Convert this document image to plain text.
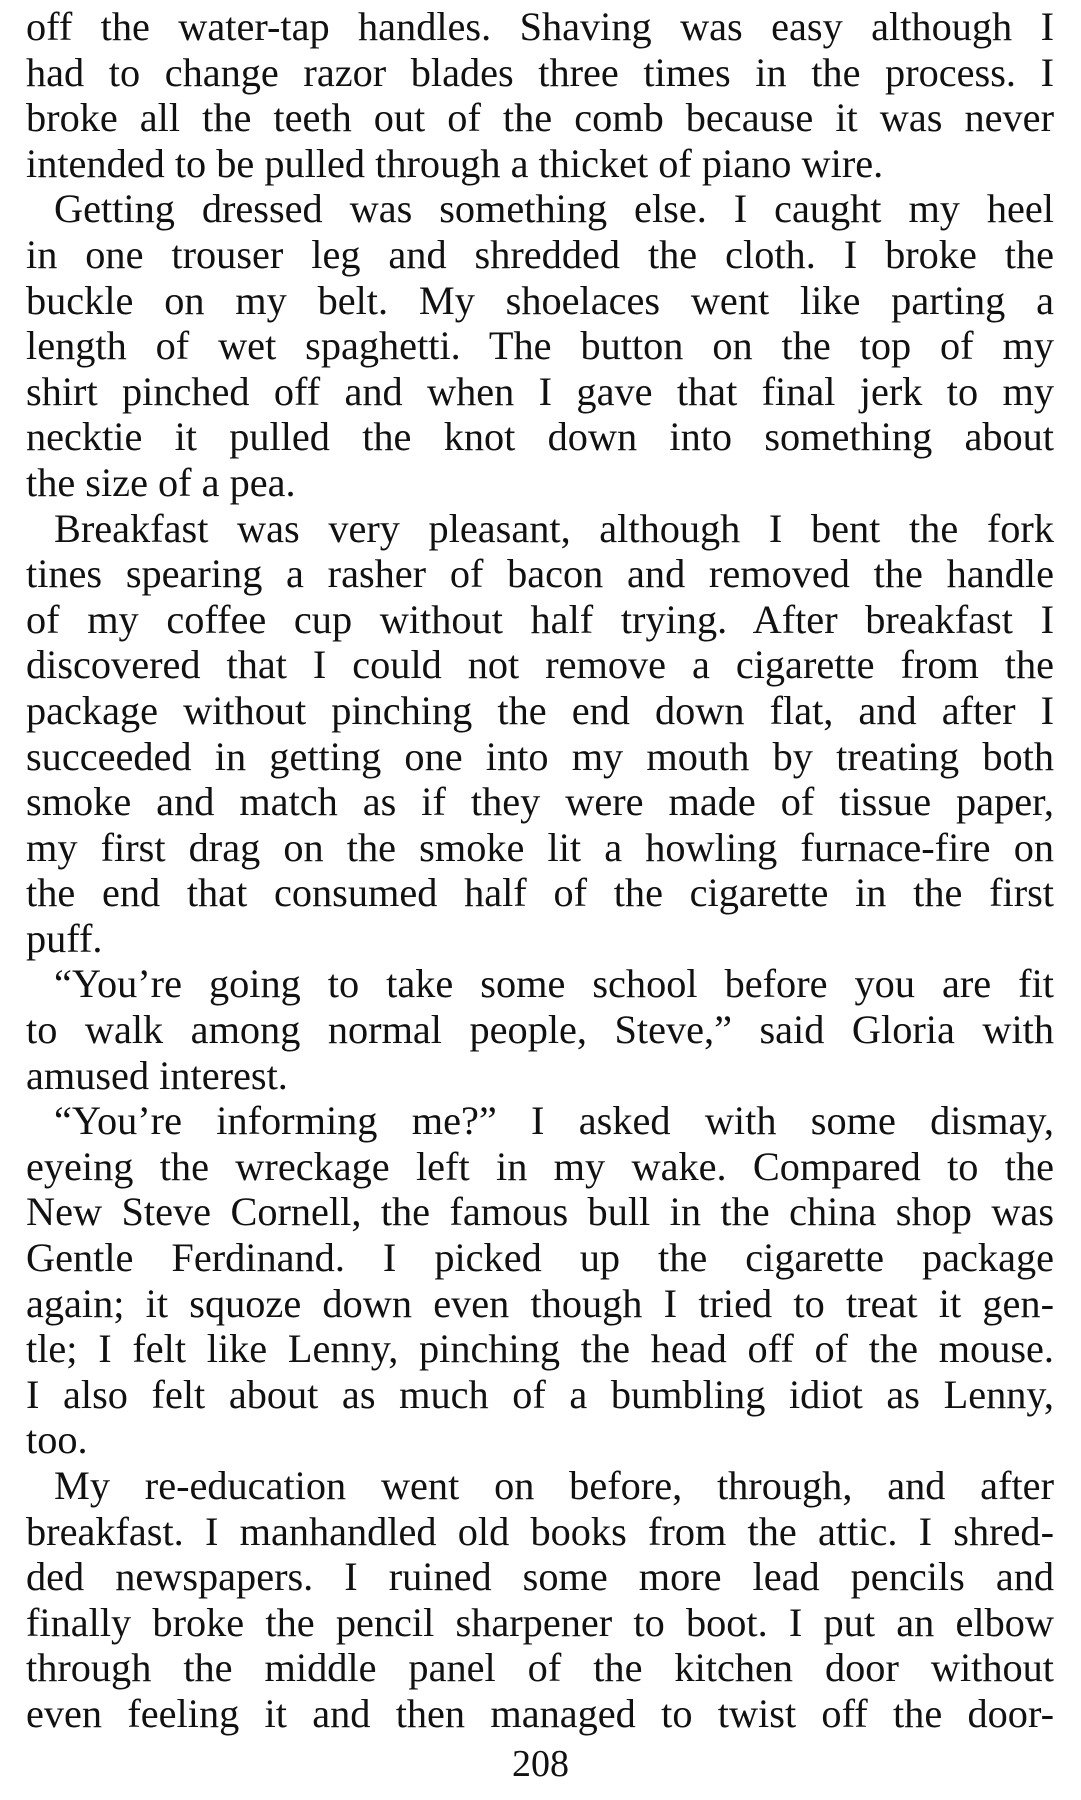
off the water-tap handles. Shaving was easy although I
had to change razor blades three times in the process. I
broke all the teeth out of the comb because it was never
intended to be pulled through a thicket of piano wire.
Getting dressed was something else. I caught my heel
in one trouser leg and shredded the cloth. I broke the
buckle on my belt. My shoelaces went like parting a
length of wet spaghetti. The button on the top of my
shirt pinched off and when I gave that final jerk to my
necktie it pulled the knot down into something about
the size of a pea.
Breakfast was very pleasant, although I bent the fork
tines spearing a rasher of bacon and removed the handle
of my coffee cup without half trying. After breakfast I
discovered that I could not remove a cigarette from the
package without pinching the end down flat, and after I
succeeded in getting one into my mouth by treating both
smoke and match as if they were made of tissue paper,
my first drag on the smoke lit a howling furnace-fire on
the end that consumed half of the cigarette in the first
puff.
“You’re going to take some school before you are fit
to walk among normal people, Steve,” said Gloria with
amused interest.
“You’re informing me?” I asked with some dismay,
eyeing the wreckage left in my wake. Compared to the
New Steve Cornell, the famous bull in the china shop was
Gentle Ferdinand. I picked up the cigarette package
again; it squoze down even though I tried to treat it gen-
tle; I felt like Lenny, pinching the head off of the mouse.
I also felt about as much of a bumbling idiot as Lenny,
too.
My re-education went on before, through, and after
breakfast. I manhandled old books from the attic. I shred-
ded newspapers. I ruined some more lead pencils and
finally broke the pencil sharpener to boot. I put an elbow
through the middle panel of the kitchen door without
even feeling it and then managed to twist off the door-
208
